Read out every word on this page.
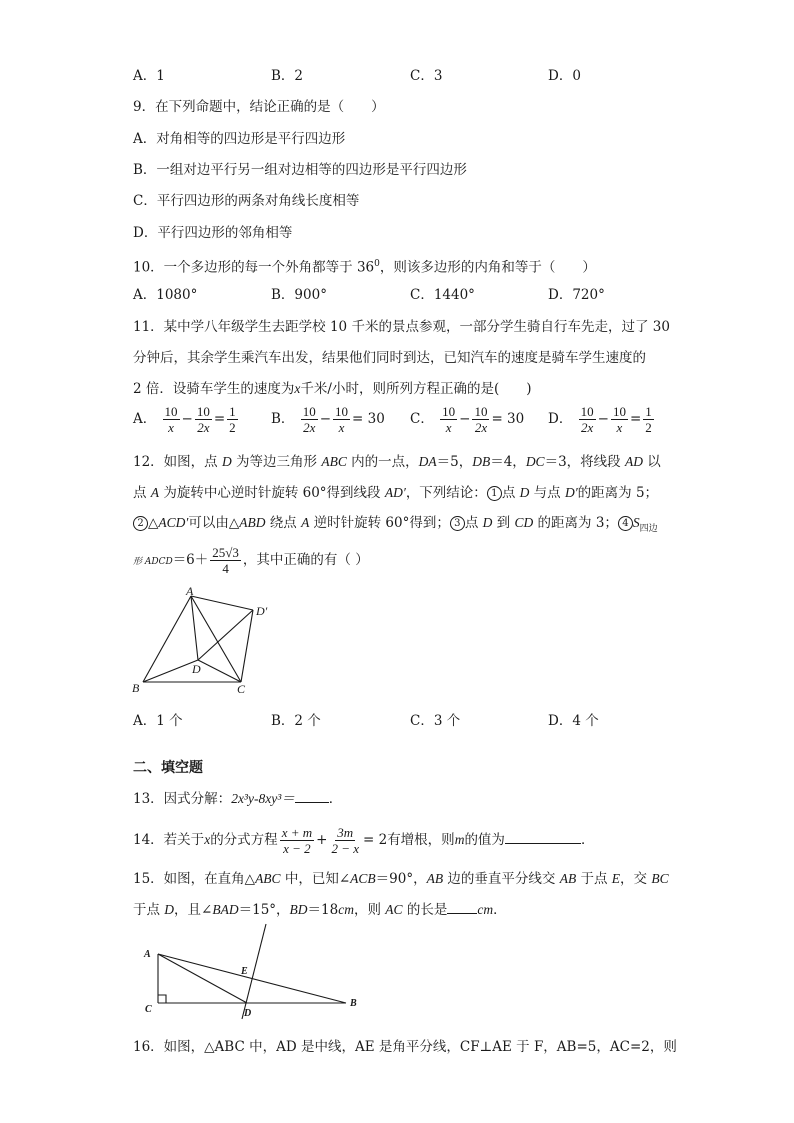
A．1	B．2	C．3	D．0
9．在下列命题中，结论正确的是（　　）
A．对角相等的四边形是平行四边形
B．一组对边平行另一组对边相等的四边形是平行四边形
C．平行四边形的两条对角线长度相等
D．平行四边形的邻角相等
10．一个多边形的每一个外角都等于 $36^0$，则该多边形的内角和等于（　　）
A．1080°	B．900°	C．1440°	D．720°
11．某中学八年级学生去距学校 10 千米的景点参观，一部分学生骑自行车先走，过了 30
分钟后，其余学生乘汽车出发，结果他们同时到达，已知汽车的速度是骑车学生速度的
2 倍．设骑车学生的速度为x千米/小时，则所列方程正确的是(　　)
A． $\frac{10}{x} - \frac{10}{2x} = \frac{1}{2}$ B． $\frac{10}{2x} - \frac{10}{x} = 30$ C． $\frac{10}{x} - \frac{10}{2x} = 30$ D． $\frac{10}{2x} - \frac{10}{x} = \frac{1}{2}$
12．如图，点 D 为等边三角形 ABC 内的一点，DA＝5，DB＝4，DC＝3，将线段 AD 以
点 A 为旋转中心逆时针旋转 60°得到线段 AD′，下列结论： 1 点 D 与点 D′的距离为 5；
2 △ACD′可以由△ABD 绕点 A 逆时针旋转 60°得到； 3 点 D 到 CD 的距离为 3； 4 $S_{四边}$
形 ADCD＝6＋ $\frac{25√3}{4}$ ，其中正确的有（ ）
A
B	C
D
D′
A．1 个	B．2 个	C．3 个	D．4 个
二、填空题
13．因式分解：2x³y-8xy³＝	．
14．若关于x的分式方程 $\frac{x + m}{x - 2} + \frac{3m}{2 - x} = 2$有增根，则m的值为	．
15．如图，在直角△ABC 中，已知∠ACB＝90°，AB 边的垂直平分线交 AB 于点 E，交 BC
于点 D，且∠BAD＝15°，BD＝18cm，则 AC 的长是 cm．
A
C
B
D
E
16．如图，△ABC 中，AD 是中线，AE 是角平分线，CF⊥AE 于 F，AB=5，AC=2，则
